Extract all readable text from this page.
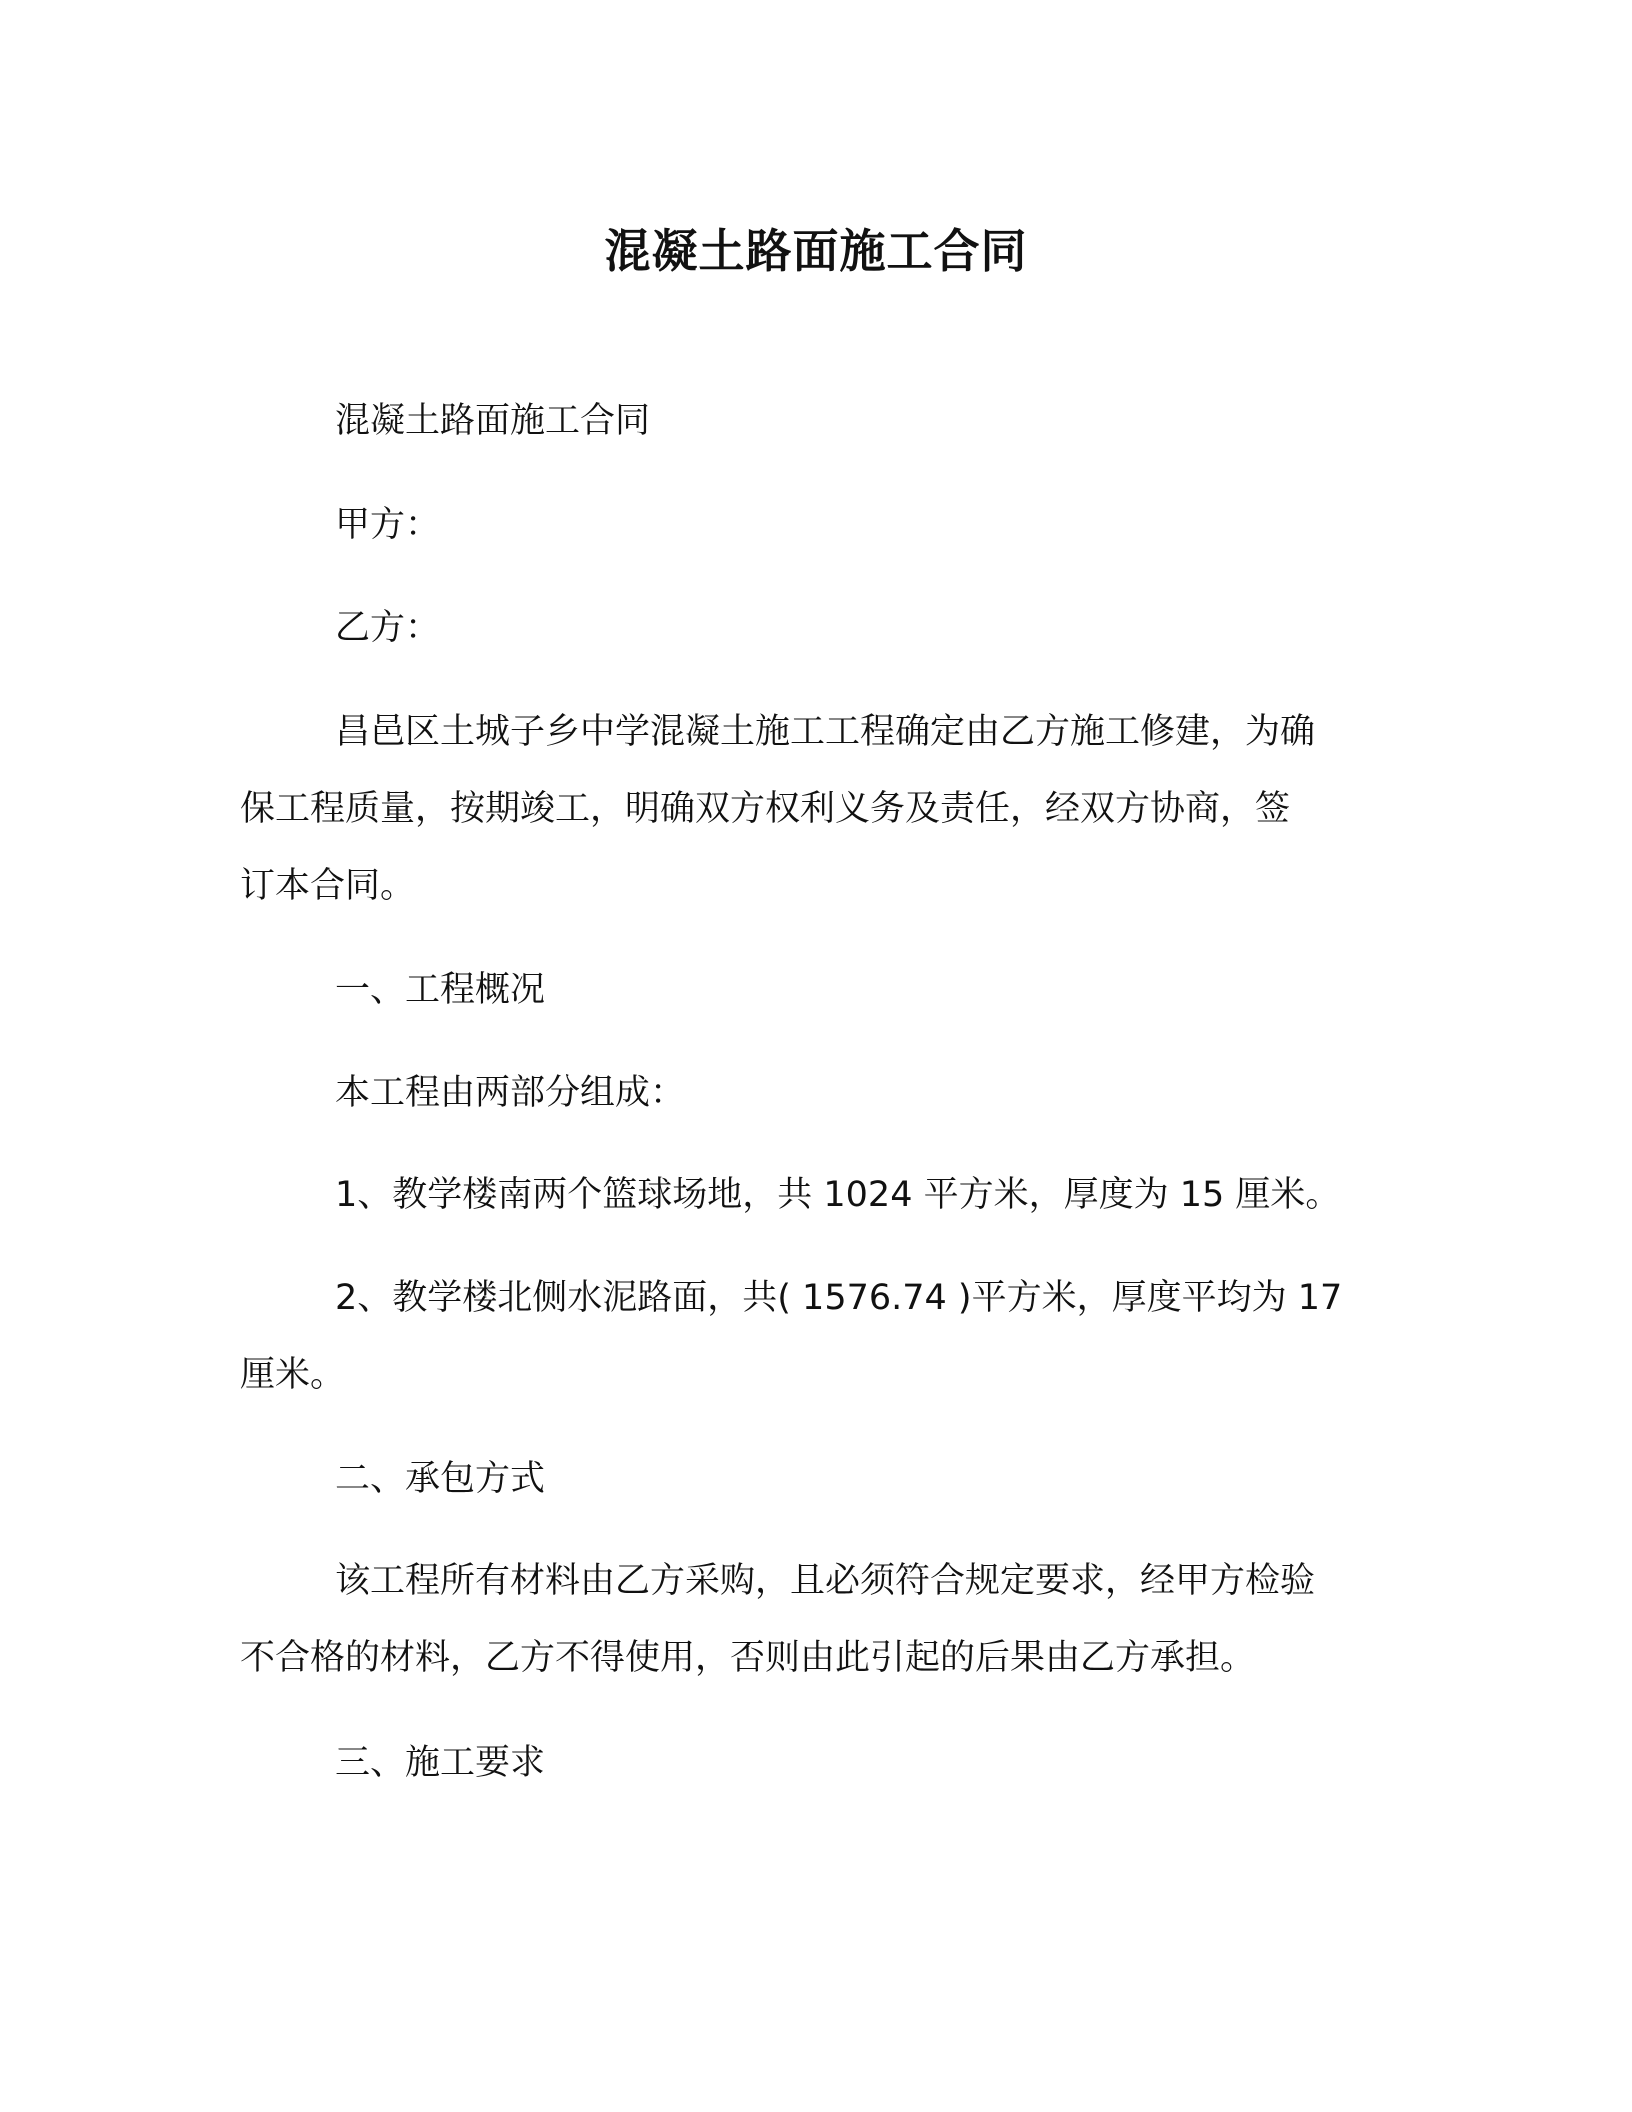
混凝土路面施工合同
混凝土路面施工合同
甲方：
乙方：
昌邑区土城子乡中学混凝土施工工程确定由乙方施工修建，为确
保工程质量，按期竣工，明确双方权利义务及责任，经双方协商，签
订本合同。
一、工程概况
本工程由两部分组成：
1、教学楼南两个篮球场地，共 1024 平方米，厚度为 15 厘米。
2、教学楼北侧水泥路面，共( 1576.74 )平方米，厚度平均为 17
厘米。
二、承包方式
该工程所有材料由乙方采购，且必须符合规定要求，经甲方检验
不合格的材料，乙方不得使用，否则由此引起的后果由乙方承担。
三、施工要求
